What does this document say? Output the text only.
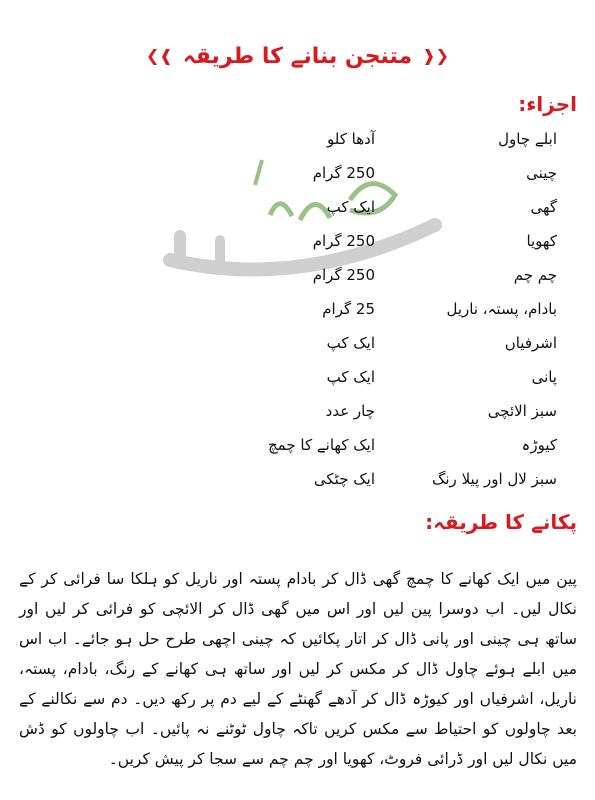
❮❰ متنجن بنانے کا طریقہ ❱❯
اجزاء:
ابلے چاول
آدھا کلو
چینی
250 گرام
گھی
ایک کپ
کھویا
250 گرام
چم چم
250 گرام
بادام، پستہ، ناریل
25 گرام
اشرفیاں
ایک کپ
پانی
ایک کپ
سبز الائچی
چار عدد
کیوڑہ
ایک کھانے کا چمچ
سبز لال اور پیلا رنگ
ایک چٹکی
پکانے کا طریقہ:

پین میں ایک کھانے کا چمچ گھی ڈال کر بادام پستہ اور ناریل کو ہلکا سا فرائی کر کے نکال لیں۔ اب دوسرا پین لیں اور اس میں گھی ڈال کر الائچی کو فرائی کر لیں اور ساتھ ہی چینی اور پانی ڈال کر اتار پکائیں کہ چینی اچھی طرح حل ہو جائے۔ اب اس میں ابلے ہوئے چاول ڈال کر مکس کر لیں اور ساتھ ہی کھانے کے رنگ، بادام، پستہ، ناریل، اشرفیاں اور کیوڑہ ڈال کر آدھے گھنٹے کے لیے دم پر رکھ دیں۔ دم سے نکالنے کے بعد چاولوں کو احتیاط سے مکس کریں تاکہ چاول ٹوٹنے نہ پائیں۔ اب چاولوں کو ڈش میں نکال لیں اور ڈرائی فروٹ، کھویا اور چم چم سے سجا کر پیش کریں۔
